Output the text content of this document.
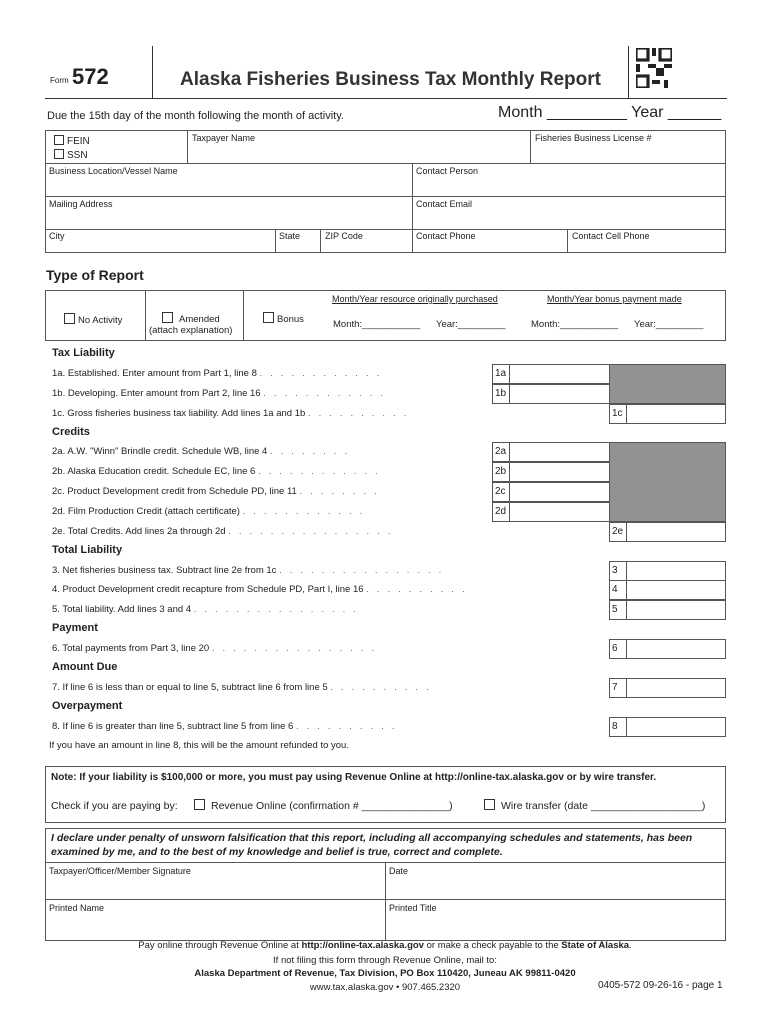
Form 572	Alaska Fisheries Business Tax Monthly Report
Due the 15th day of the month following the month of activity.	Month _________ Year ______
FEIN
SSN
Taxpayer Name	Fisheries Business License #
Business Location/Vessel Name	Contact Person
Mailing Address	Contact Email
City	State	ZIP Code	Contact Phone	Contact Cell Phone
Type of Report
No Activity	Amended
(attach explanation)
Bonus
Month/Year resource originally purchased	Month/Year bonus payment made
Month:___________ Year:_________	Month:___________ Year:_________
Tax Liability
Credits
Total Liability
Payment
Amount Due
Overpayment
1a. Established. Enter amount from Part 1, line 8 ............	1a
1b. Developing. Enter amount from Part 2, line 16 ............	1b
1c. Gross fisheries business tax liability. Add lines 1a and 1b ..........	1c
2a. A.W. "Winn" Brindle credit. Schedule WB, line 4 ........	2a
2b. Alaska Education credit. Schedule EC, line 6 ............	2b
2c. Product Development credit from Schedule PD, line 11 ........	2c
2d. Film Production Credit (attach certificate) ............	2d
2e. Total Credits. Add lines 2a through 2d ................	2e
3. Net fisheries business tax. Subtract line 2e from 1c ................	3
4. Product Development credit recapture from Schedule PD, Part I, line 16 ..........	4
5. Total liability. Add lines 3 and 4 ................	5
6. Total payments from Part 3, line 20 ................	6
7. If line 6 is less than or equal to line 5, subtract line 6 from line 5 ..........	7
8. If line 6 is greater than line 5, subtract line 5 from line 6 ..........	8
If you have an amount in line 8, this will be the amount refunded to you.
Note: If your liability is $100,000 or more, you must pay using Revenue Online at http://online-tax.alaska.gov or by wire transfer.
Check if you are paying by:	Revenue Online (confirmation # _______________)	Wire transfer (date ___________________)
I declare under penalty of unsworn falsification that this report, including all accompanying schedules and statements, has been examined by me, and to the best of my knowledge and belief is true, correct and complete.
Taxpayer/Officer/Member Signature	Date
Printed Name	Printed Title
Pay online through Revenue Online at http://online-tax.alaska.gov or make a check payable to the State of Alaska.
If not filing this form through Revenue Online, mail to:
Alaska Department of Revenue, Tax Division, PO Box 110420, Juneau AK 99811-0420
www.tax.alaska.gov • 907.465.2320	0405-572 09-26-16 - page 1
